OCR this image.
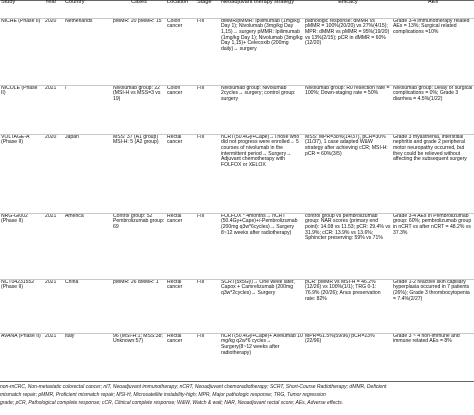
Study	Year	Country	Cases	Location	Stage	Neoadjuvant therapy strategy	Efficacy	AEs
NICHE (Phase II)	2020	Netherlands	pMMR: 20 pMMR: 15	Colon cancer	I-III	dMMR/pMMR: Ipilimumab (1mg/kg Day 1); Nivolumab (3mg/kg Day 1,15)→ surgery pMMR: Ipilimumab (1mg/kg Day 1); Nivolumab (3mg/kg Day 1,15)+ Celecoxib (200mg daily)→ surgery	pathologic response: dMMR vs pMMR = 100%(20/20) vs 27%(4/15); MPR: dMMR vs pMMR = 95%(19/20) vs 13%(2/15); pCR in dMMR = 60%(12/20)	Grade 3-4 immunotherapy related AEs = 13%; Surgical related complications =10%
NICOLE (Phase II)	2021	/	Nivolumab group: 22 (MSI-H vs MSS=3 vs 19)	Colon cancer	I-III	Nivolumab group: Nivolumab 2cycles→ surgery; control group: surgery	Nivolumab group: R0 resection rate = 100%; Down-staging rate = 50%	Nivolumab group: Delay or surgical complications = 0%; Grade 3 diarrhea = 4.5%(1/22)
VOLTAGE-A (Phase II)	2020	Japan	MSS: 37 (A1 group) MSI-H: 5 (A2 group)	Rectal cancer	I-III	nCRT(50.4Gy+Cape)→Those who did not progress were enrolled→ 5 courses of nivolumab in the intermittent period→ Surgery→ Adjuvant chemotherapy with FOLFOX or XELOX	MSS: MPR=38%(14/37), pCR=30%(11/37), 1 case adapted W&W strategy after achieving cCR; MSI-H: pCR = 60%(3/5)	Grade 3 myasthenia, interstitial nephritis and grade 2 peripheral motor neuropathy occurred, but they could be relieved without affecting the subsequent surgery
NRG-GI002 (Phase II)	2021	America	Control group: 52 Pembrolizumab group: 69	Rectal cancer	I-III	FOLFOX * 4months→ nCRT (50.4Gy+Cape)+/-Pembrolizumab (200mg q3w*6cycles)→ Surgery 8~12 weeks after radiotherapy)	control group vs pembrolizumab group: NAR scores (primary end point): 14.08 vs 11.53; pCR: 29.4% vs 31.9%; cCR: 13.9% vs 13.6%; Sphincter preserving: 59% vs 71%	Grade 3-4 AEs in Pembrolizumab group: 60%; pembrolizumab group in nCRT vs after nCRT = 48.2% vs 37.3%
NCT04231552 (Phase II)	2021	China	pMMR: 26 dMMR: 1	Rectal cancer	I-III	SCRT(5x5Gy)→ One week later, Capox + Camrelizumab (200mg q3w*2cycles)→ Surgery	pCR: pMMR vs MSI-H = 46.2%(12/26) vs 100%(1/1); TRG 0-1: 76.9% (20/26); Anus preservation rate: 82%	Grade 1-2 reactive skin capillary hyperplasia occurred in 7 patients (26%); Grade 3 thrombocytopenia = 7.4%(2/27)
AVANA (Phase II)	2021	Italy	96 (MSI-H:1; MSS:38; Unknown:57)	Rectal cancer	I-III	nCRT(50.4Gy+Cape)+ Avelumab 10 mg/kg q2w*6 cycles→ Surgery(8~12 weeks after radiotherapy)	MPR=61.5%(59/96) pCR=23% (22/96)	Grade 3 ~ 4 non-immune and immune related AEs = 8%
non-mCRC, Non-metastatic colorectal cancer; nIT, Neoadjuvant immunotherapy; nCRT, Neoadjuvant chemoradiotherapy; SCRT, Short-Course Radiotherapy; dMMR, Deficient
mismatch repair; pMMR, Proficient mismatch repair; MSI-H, Microsatellite instability-high; MPR, Major pathologic response; TRG, Tumor regression
grade; pCR, Pathological complete response; cCR, Clinical complete response; W&W, Watch & wait; NAR, Neoadjuvant rectal score; AEs, Adverse effects.
